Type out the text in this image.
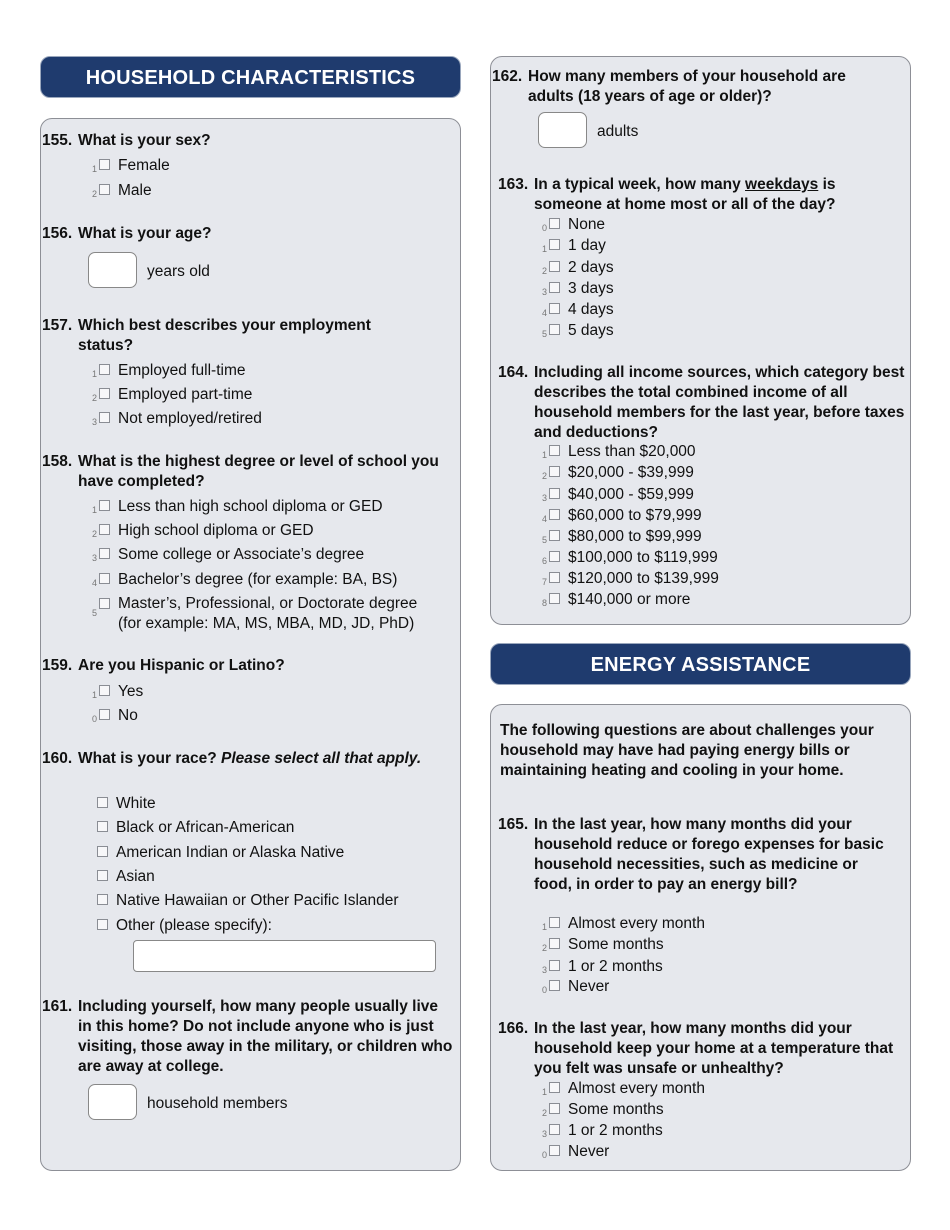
HOUSEHOLD CHARACTERISTICS
155. What is your sex?
1 Female
2 Male
156. What is your age?
years old
157. Which best describes your employment status?
1 Employed full-time
2 Employed part-time
3 Not employed/retired
158. What is the highest degree or level of school you have completed?
1 Less than high school diploma or GED
2 High school diploma or GED
3 Some college or Associate’s degree
4 Bachelor’s degree (for example: BA, BS)
5
Master’s, Professional, or Doctorate degree
(for example: MA, MS, MBA, MD, JD, PhD)
159. Are you Hispanic or Latino?
1 Yes
0 No
160. What is your race? Please select all that apply.
White
Black or African-American
American Indian or Alaska Native
Asian
Native Hawaiian or Other Pacific Islander
Other (please specify):
161. Including yourself, how many people usually live in this home? Do not include anyone who is just visiting, those away in the military, or children who are away at college.
household members
162. How many members of your household are adults (18 years of age or older)?
adults
163. In a typical week, how many weekdays is someone at home most or all of the day?
0 None
1 1 day
2 2 days
3 3 days
4 4 days
5 5 days
164. Including all income sources, which category best describes the total combined income of all household members for the last year, before taxes and deductions?
1 Less than $20,000
2 $20,000 - $39,999
3 $40,000 - $59,999
4 $60,000 to $79,999
5 $80,000 to $99,999
6 $100,000 to $119,999
7 $120,000 to $139,999
8 $140,000 or more
ENERGY ASSISTANCE
The following questions are about challenges your household may have had paying energy bills or maintaining heating and cooling in your home.
165. In the last year, how many months did your household reduce or forego expenses for basic household necessities, such as medicine or food, in order to pay an energy bill?
1 Almost every month
2 Some months
3 1 or 2 months
0 Never
166. In the last year, how many months did your household keep your home at a temperature that you felt was unsafe or unhealthy?
1 Almost every month
2 Some months
3 1 or 2 months
0 Never
